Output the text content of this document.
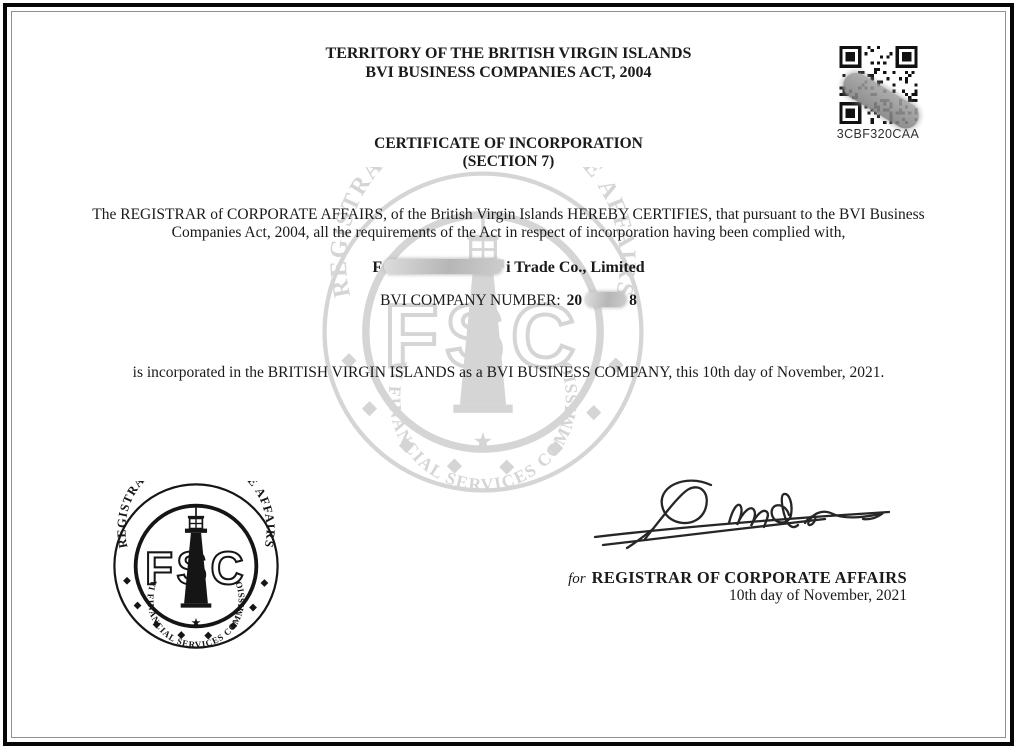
TERRITORY OF THE BRITISH VIRGIN ISLANDS
BVI BUSINESS COMPANIES ACT, 2004
3CBF320CAA
CERTIFICATE OF INCORPORATION
(SECTION 7)
The REGISTRAR of CORPORATE AFFAIRS, of the British Virgin Islands HEREBY CERTIFIES, that pursuant to the BVI Business
Companies Act, 2004, all the requirements of the Act in respect of incorporation having been complied with,
F	i Trade Co., Limited
BVI COMPANY NUMBER: 20	8
is incorporated in the BRITISH VIRGIN ISLANDS as a BVI BUSINESS COMPANY, this 10th day of November, 2021.
for REGISTRAR OF CORPORATE AFFAIRS
10th day of November, 2021
